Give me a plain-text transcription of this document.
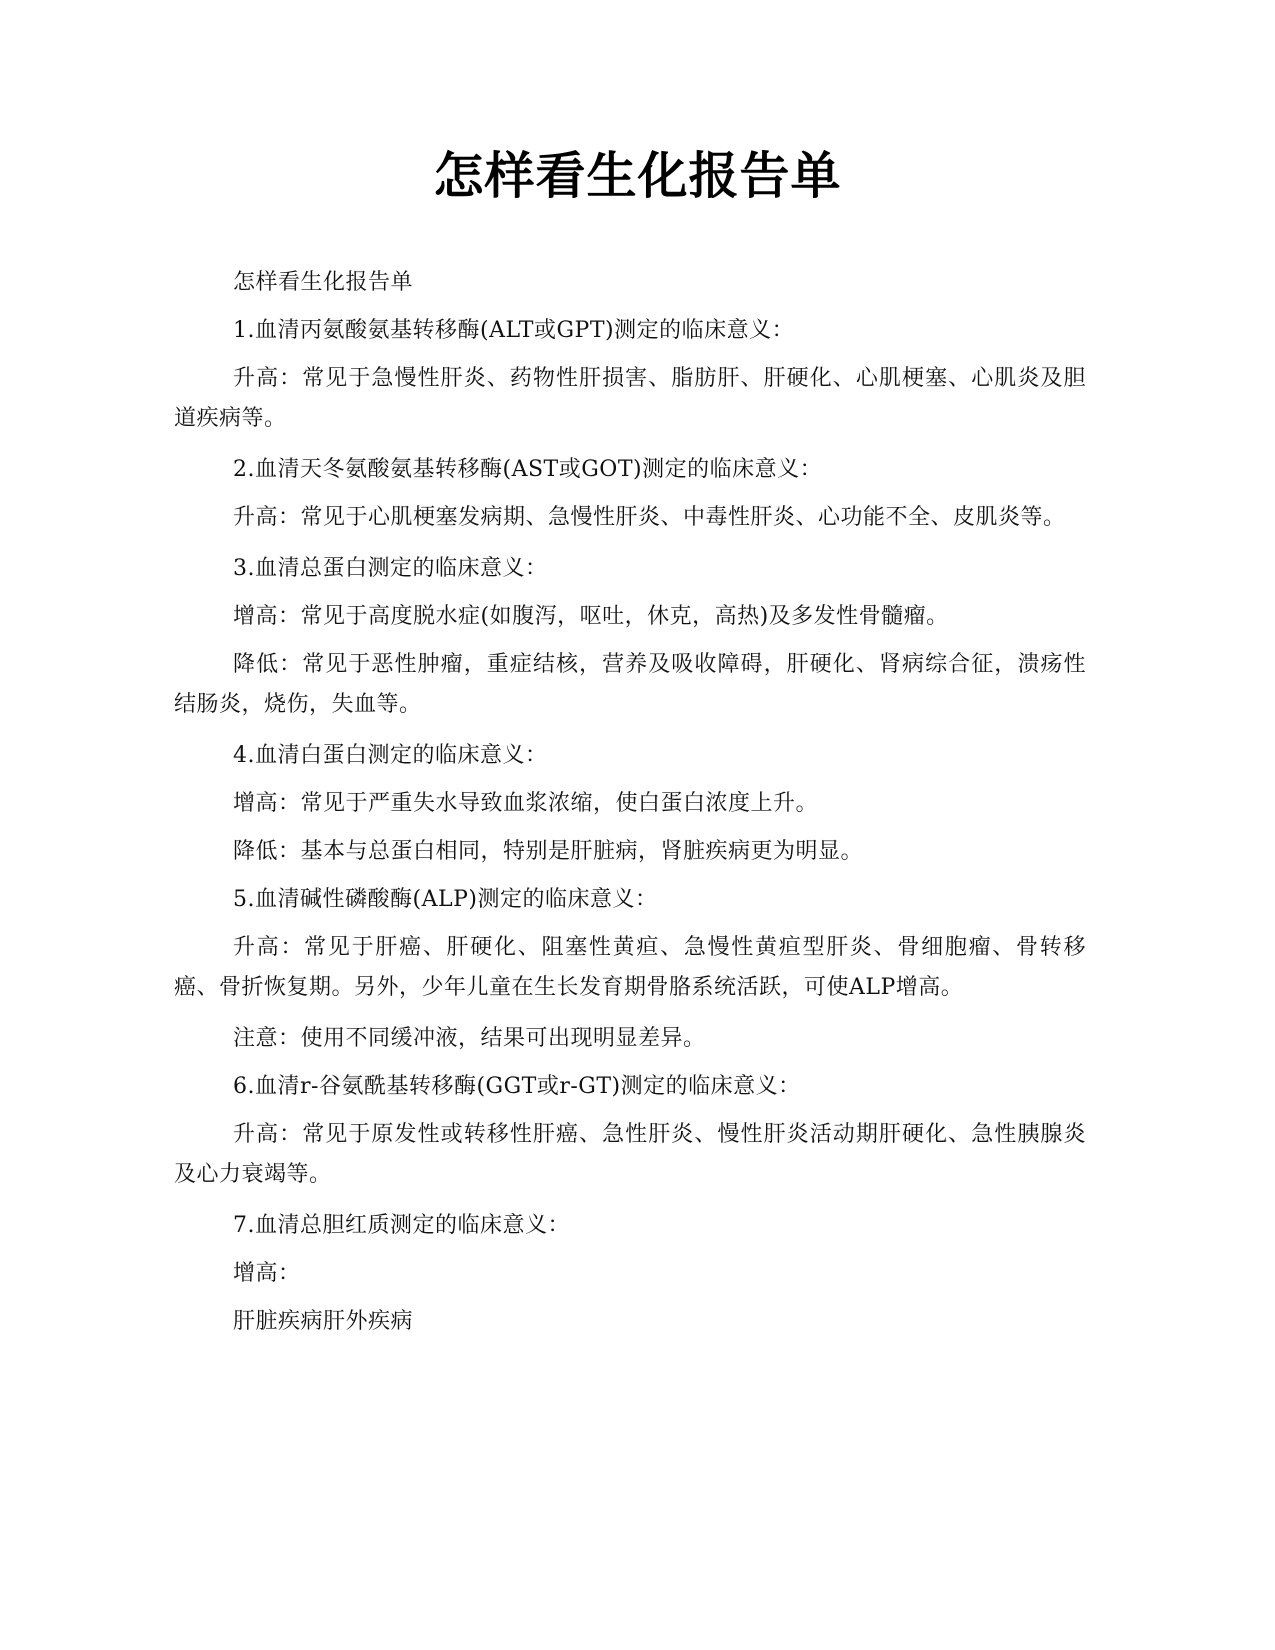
怎样看生化报告单

怎样看生化报告单

1.血清丙氨酸氨基转移酶(ALT或GPT)测定的临床意义：

升高：常见于急慢性肝炎、药物性肝损害、脂肪肝、肝硬化、心肌梗塞、心肌炎及胆道疾病等。

2.血清天冬氨酸氨基转移酶(AST或GOT)测定的临床意义：

升高：常见于心肌梗塞发病期、急慢性肝炎、中毒性肝炎、心功能不全、皮肌炎等。

3.血清总蛋白测定的临床意义：

增高：常见于高度脱水症(如腹泻，呕吐，休克，高热)及多发性骨髓瘤。

降低：常见于恶性肿瘤，重症结核，营养及吸收障碍，肝硬化、肾病综合征，溃疡性结肠炎，烧伤，失血等。

4.血清白蛋白测定的临床意义：

增高：常见于严重失水导致血浆浓缩，使白蛋白浓度上升。

降低：基本与总蛋白相同，特别是肝脏病，肾脏疾病更为明显。

5.血清碱性磷酸酶(ALP)测定的临床意义：

升高：常见于肝癌、肝硬化、阻塞性黄疸、急慢性黄疸型肝炎、骨细胞瘤、骨转移癌、骨折恢复期。另外，少年儿童在生长发育期骨胳系统活跃，可使ALP增高。

注意：使用不同缓冲液，结果可出现明显差异。

6.血清r-谷氨酰基转移酶(GGT或r-GT)测定的临床意义：

升高：常见于原发性或转移性肝癌、急性肝炎、慢性肝炎活动期肝硬化、急性胰腺炎及心力衰竭等。

7.血清总胆红质测定的临床意义：

增高：

肝脏疾病肝外疾病
